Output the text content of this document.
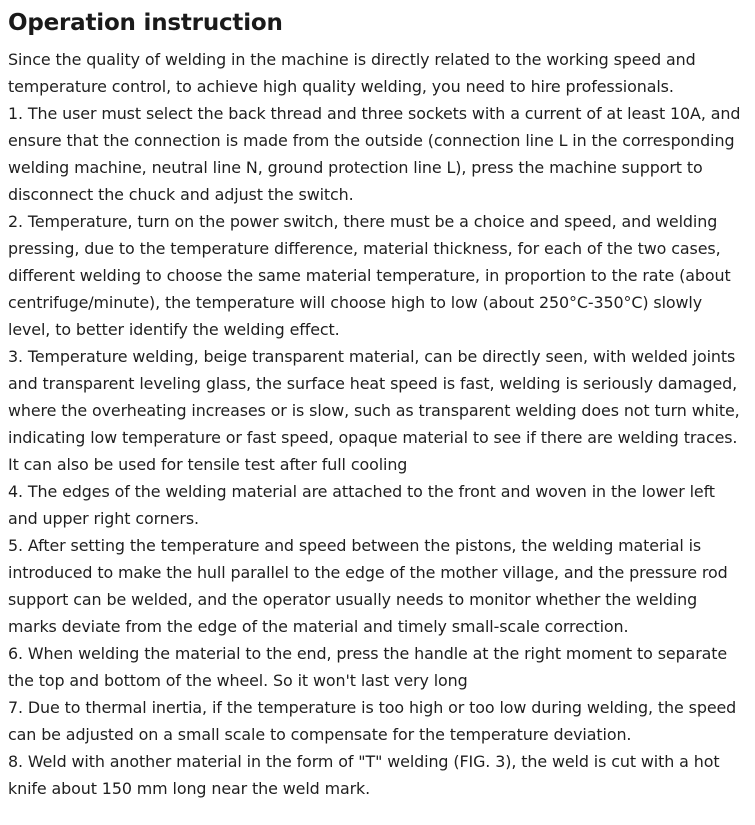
Operation instruction

Since the quality of welding in the machine is directly related to the working speed and temperature control, to achieve high quality welding, you need to hire professionals.

1. The user must select the back thread and three sockets with a current of at least 10A, and ensure that the connection is made from the outside (connection line L in the corresponding welding machine, neutral line N, ground protection line L), press the machine support to disconnect the chuck and adjust the switch.

2. Temperature, turn on the power switch, there must be a choice and speed, and welding pressing, due to the temperature difference, material thickness, for each of the two cases, different welding to choose the same material temperature, in proportion to the rate (about centrifuge/minute), the temperature will choose high to low (about 250°C-350°C) slowly level, to better identify the welding effect.

3. Temperature welding, beige transparent material, can be directly seen, with welded joints and transparent leveling glass, the surface heat speed is fast, welding is seriously damaged, where the overheating increases or is slow, such as transparent welding does not turn white, indicating low temperature or fast speed, opaque material to see if there are welding traces. It can also be used for tensile test after full cooling

4. The edges of the welding material are attached to the front and woven in the lower left and upper right corners.

5. After setting the temperature and speed between the pistons, the welding material is introduced to make the hull parallel to the edge of the mother village, and the pressure rod support can be welded, and the operator usually needs to monitor whether the welding marks deviate from the edge of the material and timely small-scale correction.

6. When welding the material to the end, press the handle at the right moment to separate the top and bottom of the wheel. So it won't last very long

7. Due to thermal inertia, if the temperature is too high or too low during welding, the speed can be adjusted on a small scale to compensate for the temperature deviation.

8. Weld with another material in the form of "T" welding (FIG. 3), the weld is cut with a hot knife about 150 mm long near the weld mark.
